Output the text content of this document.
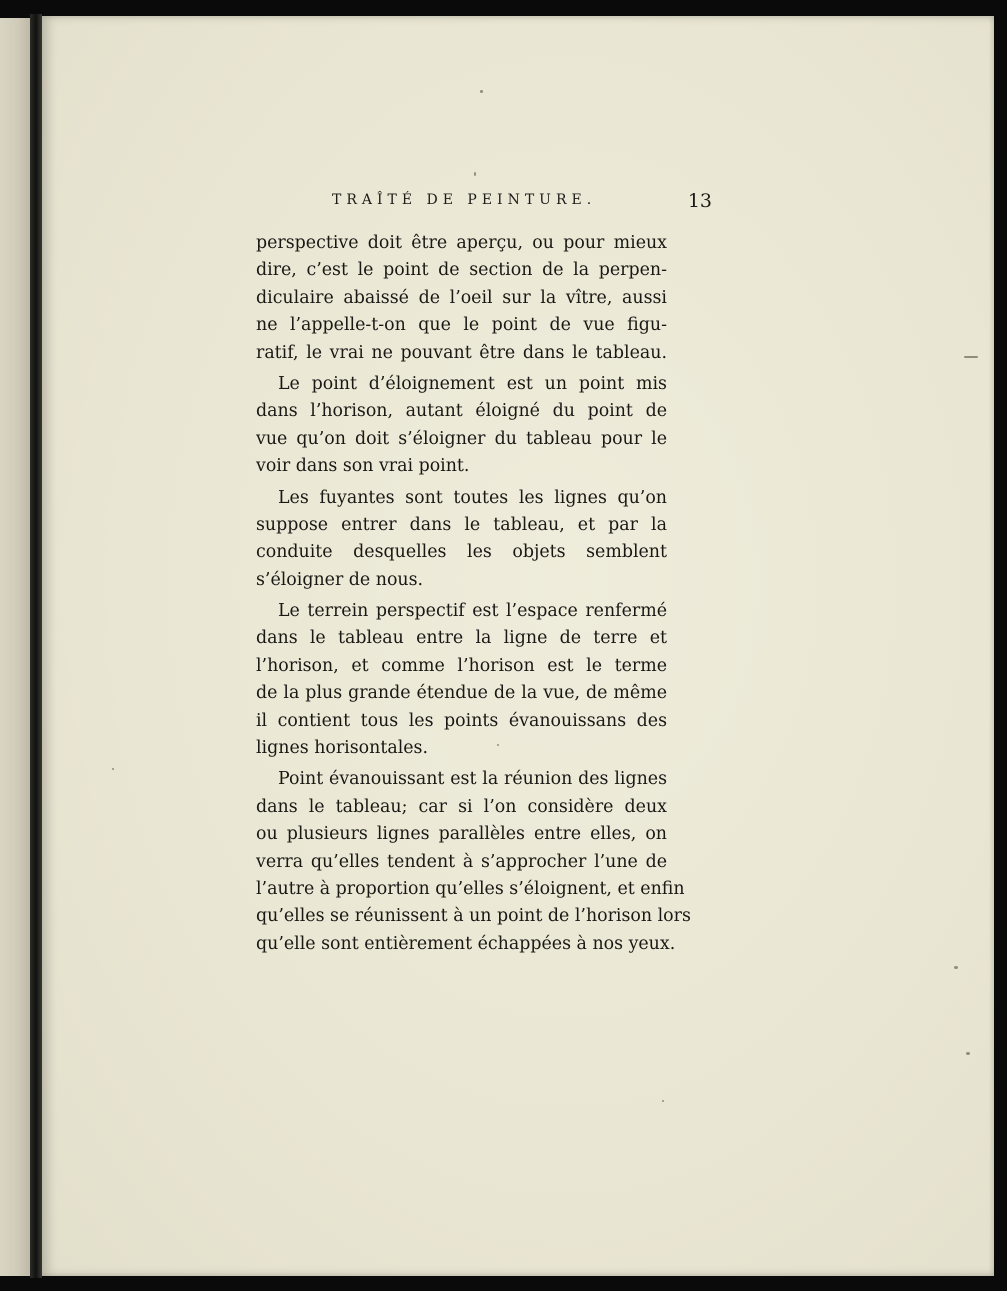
TRAÎTÉ DE PEINTURE.	13
perspective doit être aperçu, ou pour mieux
dire, c’est le point de section de la perpen-
diculaire abaissé de l’oeil sur la vître, aussi
ne l’appelle-t-on que le point de vue figu-
ratif, le vrai ne pouvant être dans le tableau.
Le point d’éloignement est un point mis
dans l’horison, autant éloigné du point de
vue qu’on doit s’éloigner du tableau pour le
voir dans son vrai point.
Les fuyantes sont toutes les lignes qu’on
suppose entrer dans le tableau, et par la
conduite desquelles les objets semblent
s’éloigner de nous.
Le terrein perspectif est l’espace renfermé
dans le tableau entre la ligne de terre et
l’horison, et comme l’horison est le terme
de la plus grande étendue de la vue, de même
il contient tous les points évanouissans des
lignes horisontales.
Point évanouissant est la réunion des lignes
dans le tableau; car si l’on considère deux
ou plusieurs lignes parallèles entre elles, on
verra qu’elles tendent à s’approcher l’une de
l’autre à proportion qu’elles s’éloignent, et enfin
qu’elles se réunissent à un point de l’horison lors
qu’elle sont entièrement échappées à nos yeux.
